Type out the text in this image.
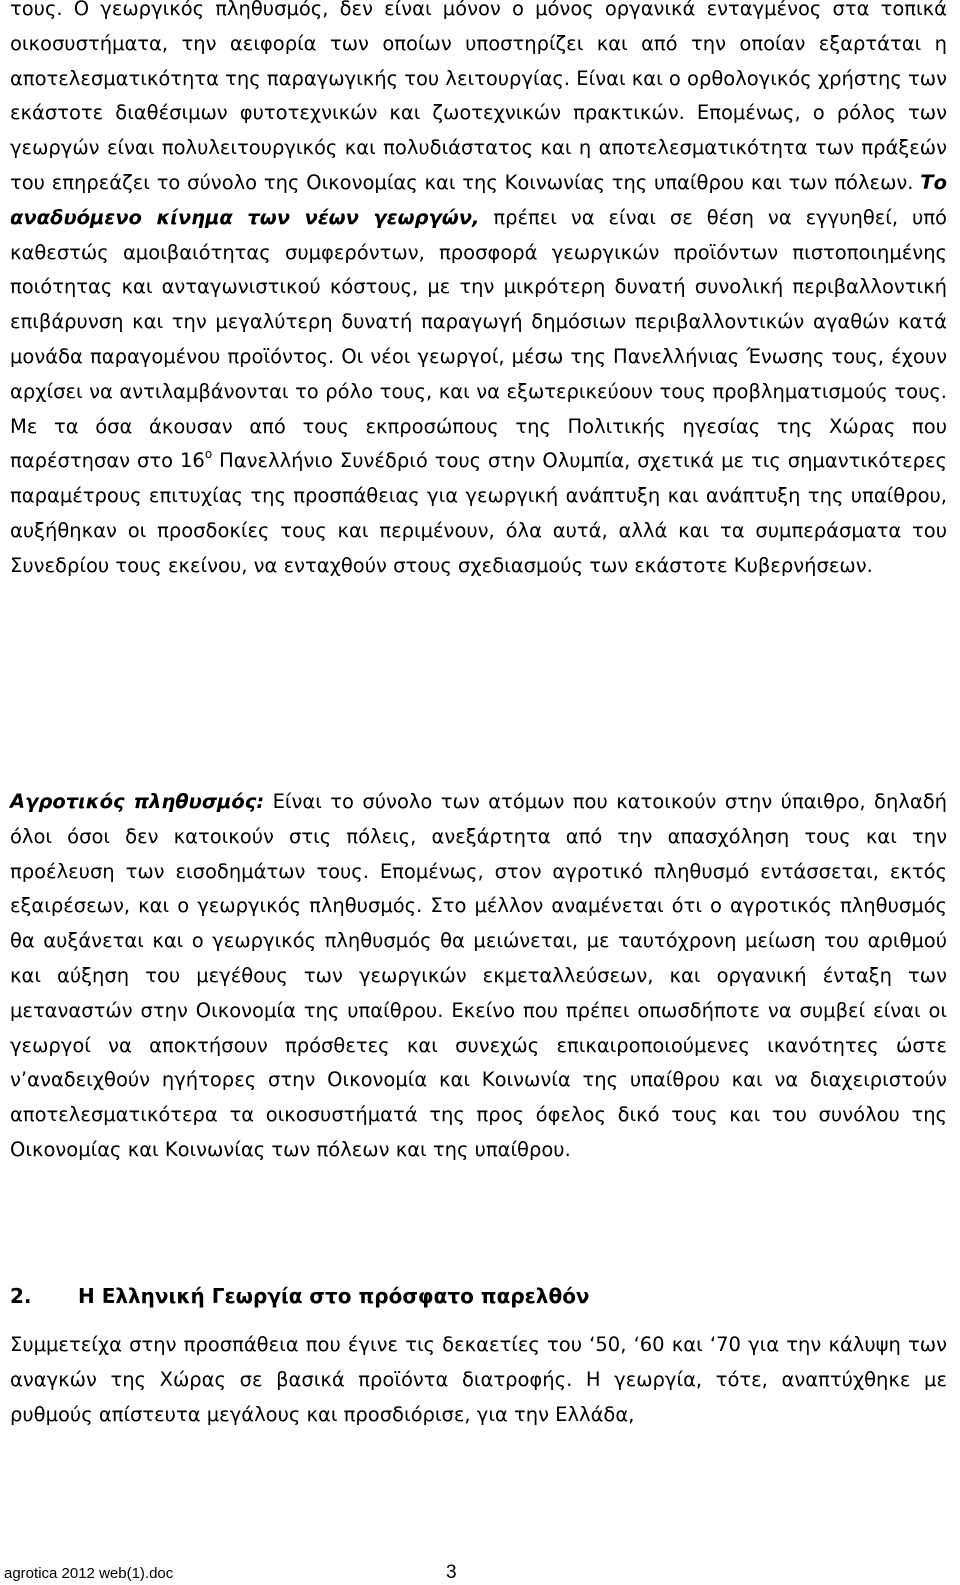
τους. Ο γεωργικός πληθυσμός, δεν είναι μόνον ο μόνος οργανικά ενταγμένος στα τοπικά οικοσυστήματα, την αειφορία των οποίων υποστηρίζει και από την οποίαν εξαρτάται η αποτελεσματικότητα της παραγωγικής του λειτουργίας. Είναι και ο ορθολογικός χρήστης των εκάστοτε διαθέσιμων φυτοτεχνικών και ζωοτεχνικών πρακτικών. Επομένως, ο ρόλος των γεωργών είναι πολυλειτουργικός και πολυδιάστατος και η αποτελεσματικότητα των πράξεών του επηρεάζει το σύνολο της Οικονομίας και της Κοινωνίας της υπαίθρου και των πόλεων. Το αναδυόμενο κίνημα των νέων γεωργών, πρέπει να είναι σε θέση να εγγυηθεί, υπό καθεστώς αμοιβαιότητας συμφερόντων, προσφορά γεωργικών προϊόντων πιστοποιημένης ποιότητας και ανταγωνιστικού κόστους, με την μικρότερη δυνατή συνολική περιβαλλοντική επιβάρυνση και την μεγαλύτερη δυνατή παραγωγή δημόσιων περιβαλλοντικών αγαθών κατά μονάδα παραγομένου προϊόντος. Οι νέοι γεωργοί, μέσω της Πανελλήνιας Ένωσης τους, έχουν αρχίσει να αντιλαμβάνονται το ρόλο τους, και να εξωτερικεύουν τους προβληματισμούς τους. Με τα όσα άκουσαν από τους εκπροσώπους της Πολιτικής ηγεσίας της Χώρας που παρέστησαν στο $16^o$ Πανελλήνιο Συνέδριό τους στην Ολυμπία, σχετικά με τις σημαντικότερες παραμέτρους επιτυχίας της προσπάθειας για γεωργική ανάπτυξη και ανάπτυξη της υπαίθρου, αυξήθηκαν οι προσδοκίες τους και περιμένουν, όλα αυτά, αλλά και τα συμπεράσματα του Συνεδρίου τους εκείνου, να ενταχθούν στους σχεδιασμούς των εκάστοτε Κυβερνήσεων.

Αγροτικός πληθυσμός: Είναι το σύνολο των ατόμων που κατοικούν στην ύπαιθρο, δηλαδή όλοι όσοι δεν κατοικούν στις πόλεις, ανεξάρτητα από την απασχόληση τους και την προέλευση των εισοδημάτων τους. Επομένως, στον αγροτικό πληθυσμό εντάσσεται, εκτός εξαιρέσεων, και ο γεωργικός πληθυσμός. Στο μέλλον αναμένεται ότι ο αγροτικός πληθυσμός θα αυξάνεται και ο γεωργικός πληθυσμός θα μειώνεται, με ταυτόχρονη μείωση του αριθμού και αύξηση του μεγέθους των γεωργικών εκμεταλλεύσεων, και οργανική ένταξη των μεταναστών στην Οικονομία της υπαίθρου. Εκείνο που πρέπει οπωσδήποτε να συμβεί είναι οι γεωργοί να αποκτήσουν πρόσθετες και συνεχώς επικαιροποιούμενες ικανότητες ώστε ν’αναδειχθούν ηγήτορες στην Οικονομία και Κοινωνία της υπαίθρου και να διαχειριστούν αποτελεσματικότερα τα οικοσυστήματά της προς όφελος δικό τους και του συνόλου της Οικονομίας και Κοινωνίας των πόλεων και της υπαίθρου.

2. Η Ελληνική Γεωργία στο πρόσφατο παρελθόν

Συμμετείχα στην προσπάθεια που έγινε τις δεκαετίες του ‘50, ‘60 και ‘70 για την κάλυψη των αναγκών της Χώρας σε βασικά προϊόντα διατροφής. Η γεωργία, τότε, αναπτύχθηκε με ρυθμούς απίστευτα μεγάλους και προσδιόρισε, για την Ελλάδα,

agrotica 2012 web(1).doc	3
